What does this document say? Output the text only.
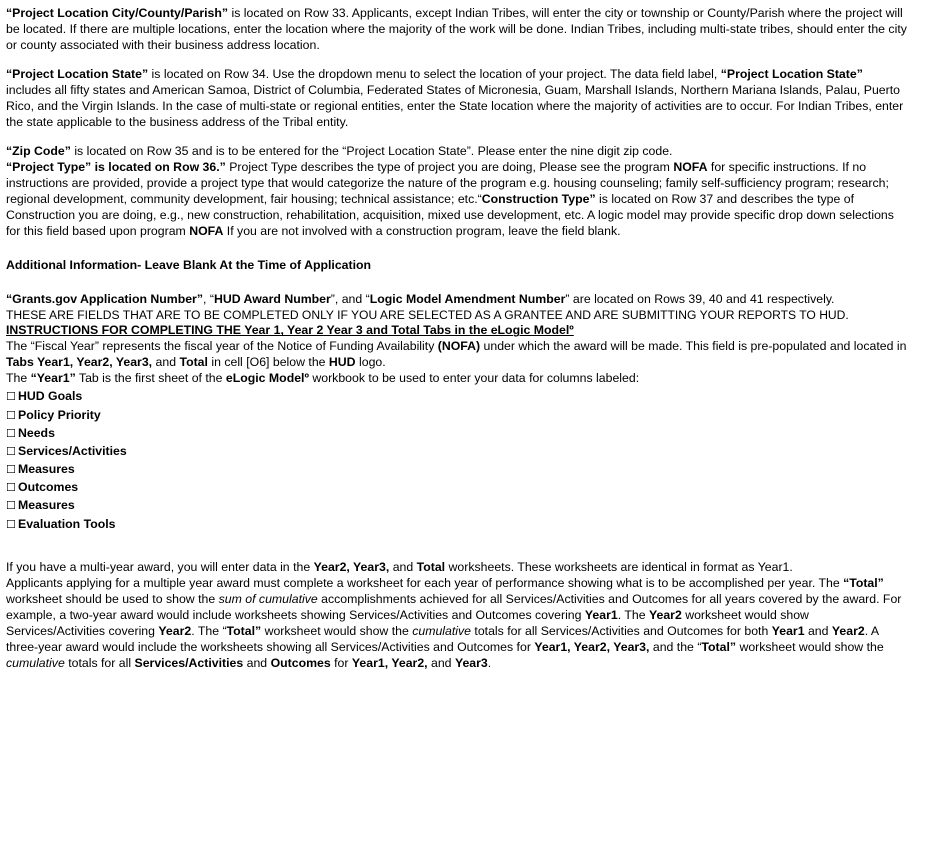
“Project Location City/County/Parish” is located on Row 33. Applicants, except Indian Tribes, will enter the city or township or County/Parish where the project will be located. If there are multiple locations, enter the location where the majority of the work will be done. Indian Tribes, including multi-state tribes, should enter the city or county associated with their business address location.

“Project Location State” is located on Row 34. Use the dropdown menu to select the location of your project. The data field label, “Project Location State” includes all fifty states and American Samoa, District of Columbia, Federated States of Micronesia, Guam, Marshall Islands, Northern Mariana Islands, Palau, Puerto Rico, and the Virgin Islands. In the case of multi-state or regional entities, enter the State location where the majority of activities are to occur. For Indian Tribes, enter the state applicable to the business address of the Tribal entity.

“Zip Code” is located on Row 35 and is to be entered for the “Project Location State”. Please enter the nine digit zip code.

“Project Type” is located on Row 36.” Project Type describes the type of project you are doing, Please see the program NOFA for specific instructions. If no instructions are provided, provide a project type that would categorize the nature of the program e.g. housing counseling; family self-sufficiency program; research; regional development, community development, fair housing; technical assistance; etc.“Construction Type” is located on Row 37 and describes the type of Construction you are doing, e.g., new construction, rehabilitation, acquisition, mixed use development, etc. A logic model may provide specific drop down selections for this field based upon program NOFA If you are not involved with a construction program, leave the field blank.

Additional Information- Leave Blank At the Time of Application

“Grants.gov Application Number”, “HUD Award Number”, and “Logic Model Amendment Number” are located on Rows 39, 40 and 41 respectively.

THESE ARE FIELDS THAT ARE TO BE COMPLETED ONLY IF YOU ARE SELECTED AS A GRANTEE AND ARE SUBMITTING YOUR REPORTS TO HUD.

INSTRUCTIONS FOR COMPLETING THE Year 1, Year 2 Year 3 and Total Tabs in the eLogic Modelº

The “Fiscal Year” represents the fiscal year of the Notice of Funding Availability (NOFA) under which the award will be made. This field is pre-populated and located in Tabs Year1, Year2, Year3, and Total in cell [O6] below the HUD logo.

The “Year1” Tab is the first sheet of the eLogic Modelº workbook to be used to enter your data for columns labeled:

☐ HUD Goals
☐ Policy Priority
☐ Needs
☐ Services/Activities
☐ Measures
☐ Outcomes
☐ Measures
☐ Evaluation Tools

If you have a multi-year award, you will enter data in the Year2, Year3, and Total worksheets. These worksheets are identical in format as Year1.

Applicants applying for a multiple year award must complete a worksheet for each year of performance showing what is to be accomplished per year. The “Total” worksheet should be used to show the sum of cumulative accomplishments achieved for all Services/Activities and Outcomes for all years covered by the award. For example, a two-year award would include worksheets showing Services/Activities and Outcomes covering Year1. The Year2 worksheet would show Services/Activities covering Year2. The “Total” worksheet would show the cumulative totals for all Services/Activities and Outcomes for both Year1 and Year2. A three-year award would include the worksheets showing all Services/Activities and Outcomes for Year1, Year2, Year3, and the “Total” worksheet would show the cumulative totals for all Services/Activities and Outcomes for Year1, Year2, and Year3.
